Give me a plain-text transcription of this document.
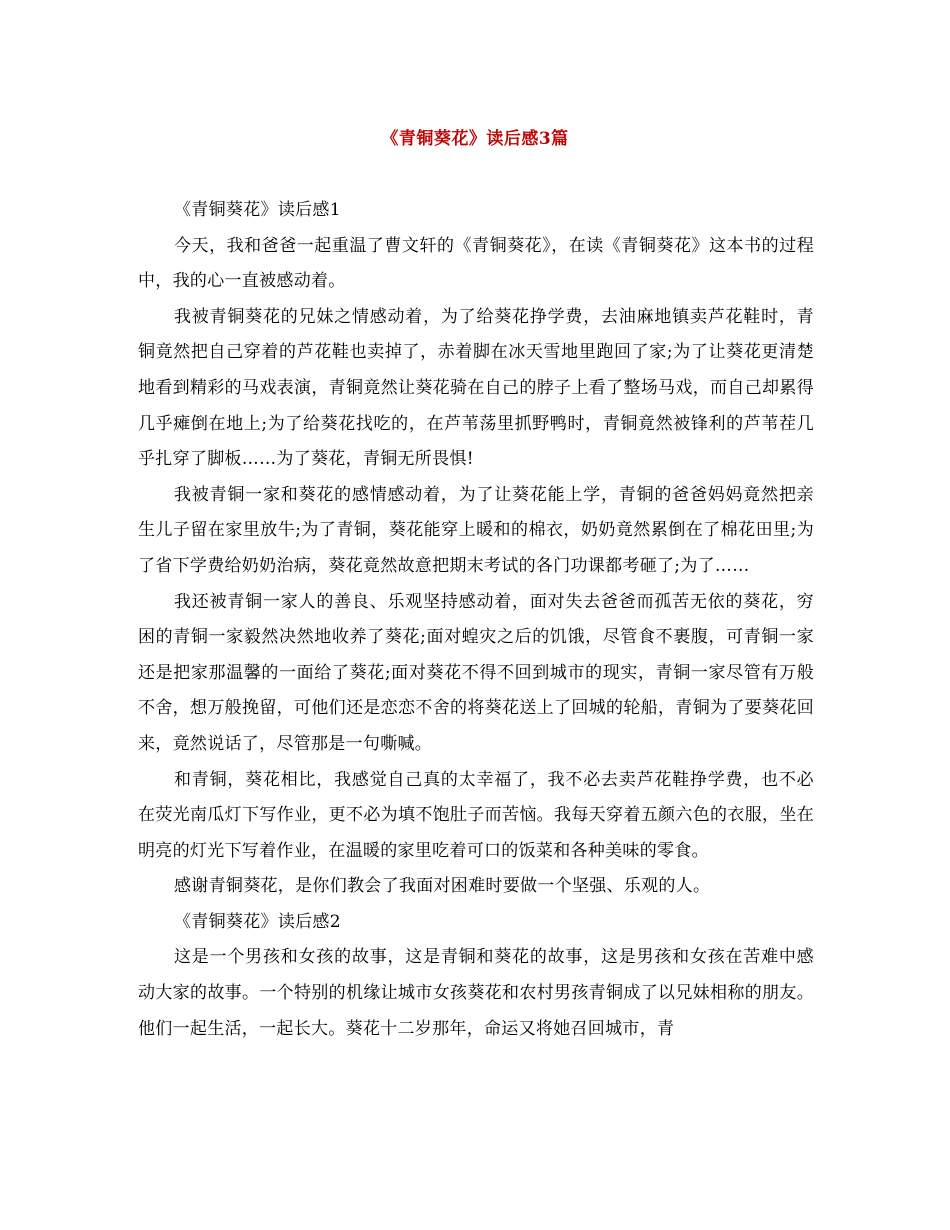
《青铜葵花》读后感3篇

《青铜葵花》读后感1

今天，我和爸爸一起重温了曹文轩的《青铜葵花》，在读《青铜葵花》这本书的过程中，我的心一直被感动着。

我被青铜葵花的兄妹之情感动着，为了给葵花挣学费，去油麻地镇卖芦花鞋时，青铜竟然把自己穿着的芦花鞋也卖掉了，赤着脚在冰天雪地里跑回了家;为了让葵花更清楚地看到精彩的马戏表演，青铜竟然让葵花骑在自己的脖子上看了整场马戏，而自己却累得几乎瘫倒在地上;为了给葵花找吃的，在芦苇荡里抓野鸭时，青铜竟然被锋利的芦苇茬几乎扎穿了脚板……为了葵花，青铜无所畏惧!

我被青铜一家和葵花的感情感动着，为了让葵花能上学，青铜的爸爸妈妈竟然把亲生儿子留在家里放牛;为了青铜，葵花能穿上暖和的棉衣，奶奶竟然累倒在了棉花田里;为了省下学费给奶奶治病，葵花竟然故意把期末考试的各门功课都考砸了;为了……

我还被青铜一家人的善良、乐观坚持感动着，面对失去爸爸而孤苦无依的葵花，穷困的青铜一家毅然决然地收养了葵花;面对蝗灾之后的饥饿，尽管食不裹腹，可青铜一家还是把家那温馨的一面给了葵花;面对葵花不得不回到城市的现实，青铜一家尽管有万般不舍，想万般挽留，可他们还是恋恋不舍的将葵花送上了回城的轮船，青铜为了要葵花回来，竟然说话了，尽管那是一句嘶喊。

和青铜，葵花相比，我感觉自己真的太幸福了，我不必去卖芦花鞋挣学费，也不必在荧光南瓜灯下写作业，更不必为填不饱肚子而苦恼。我每天穿着五颜六色的衣服，坐在明亮的灯光下写着作业，在温暖的家里吃着可口的饭菜和各种美味的零食。

感谢青铜葵花，是你们教会了我面对困难时要做一个坚强、乐观的人。

《青铜葵花》读后感2

这是一个男孩和女孩的故事，这是青铜和葵花的故事，这是男孩和女孩在苦难中感动大家的故事。一个特别的机缘让城市女孩葵花和农村男孩青铜成了以兄妹相称的朋友。他们一起生活，一起长大。葵花十二岁那年，命运又将她召回城市，青
